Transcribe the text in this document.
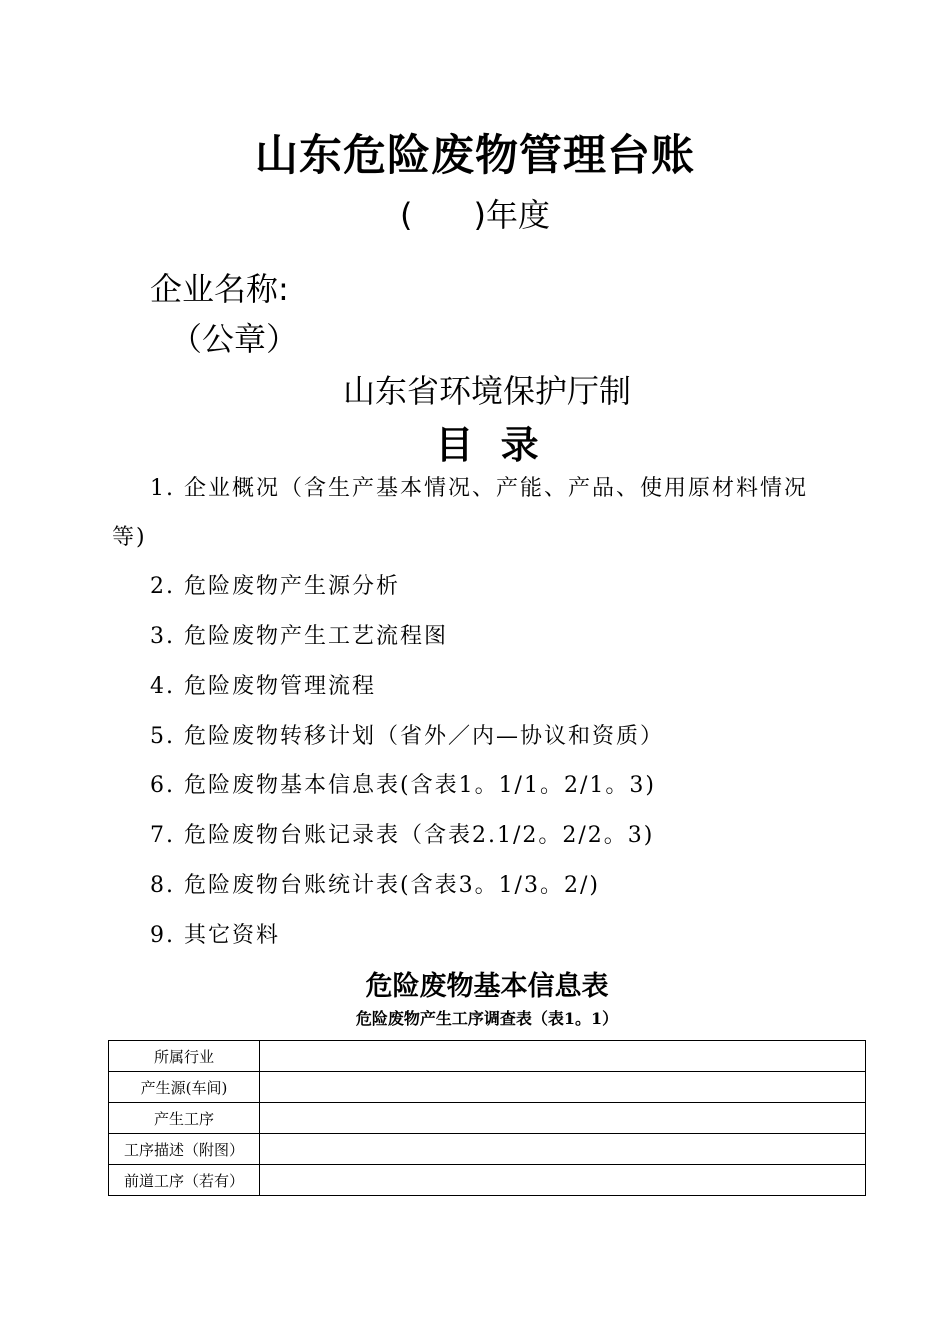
山东危险废物管理台账
(      )年度
企业名称:
（公章）
山东省环境保护厅制
目 录
1. 企业概况（含生产基本情况、产能、产品、使用原材料情况
等)
2. 危险废物产生源分析
3. 危险废物产生工艺流程图
4. 危险废物管理流程
5. 危险废物转移计划（省外／内—协议和资质）
6. 危险废物基本信息表(含表1。1/1。2/1。3)
7. 危险废物台账记录表（含表2.1/2。2/2。3)
8. 危险废物台账统计表(含表3。1/3。2/)
9. 其它资料
危险废物基本信息表
危险废物产生工序调查表（表1。1）
所属行业	
产生源(车间)	
产生工序	
工序描述（附图）	
前道工序（若有）	
